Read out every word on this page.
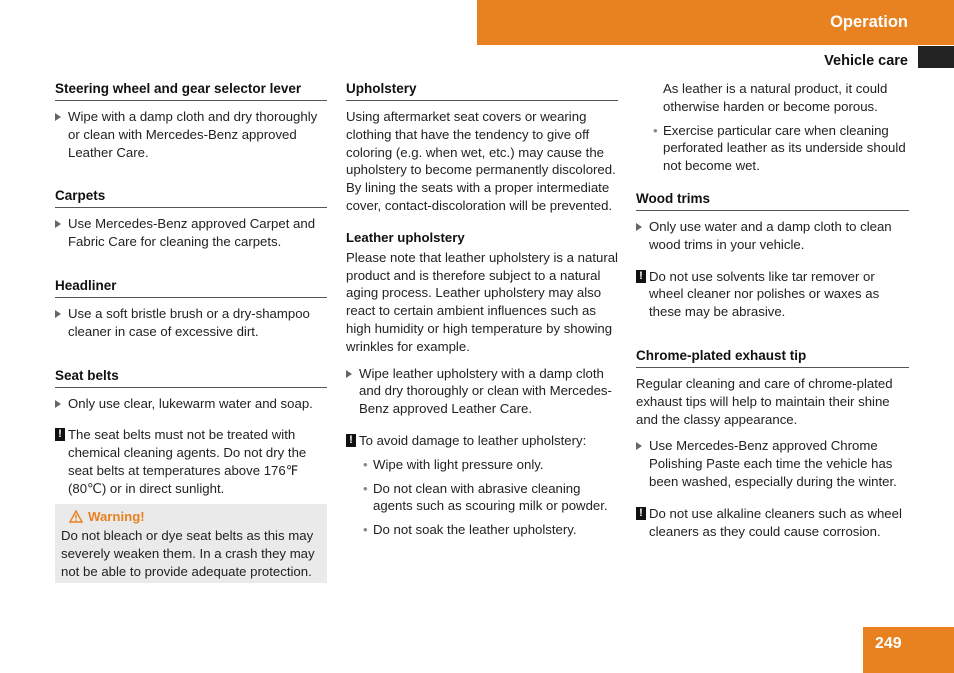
Operation
Vehicle care
Steering wheel and gear selector lever

Wipe with a damp cloth and dry thoroughly or clean with Mercedes-Benz approved Leather Care.

Carpets

Use Mercedes-Benz approved Carpet and Fabric Care for cleaning the carpets.

Headliner

Use a soft bristle brush or a dry-shampoo cleaner in case of excessive dirt.

Seat belts

Only use clear, lukewarm water and soap.

! The seat belts must not be treated with chemical cleaning agents. Do not dry the seat belts at temperatures above 176℉ (80℃) or in direct sunlight.

Warning!

Do not bleach or dye seat belts as this may severely weaken them. In a crash they may not be able to provide adequate protection.

Upholstery

Using aftermarket seat covers or wearing clothing that have the tendency to give off coloring (e.g. when wet, etc.) may cause the upholstery to become permanently discolored. By lining the seats with a proper intermediate cover, contact-discoloration will be prevented.

Leather upholstery

Please note that leather upholstery is a natural product and is therefore subject to a natural aging process. Leather upholstery may also react to certain ambient influences such as high humidity or high temperature by showing wrinkles for example.

Wipe leather upholstery with a damp cloth and dry thoroughly or clean with Mercedes-Benz approved Leather Care.

! To avoid damage to leather upholstery:

• Wipe with light pressure only.
• Do not clean with abrasive cleaning agents such as scouring milk or powder.
• Do not soak the leather upholstery.

As leather is a natural product, it could otherwise harden or become porous.

• Exercise particular care when cleaning perforated leather as its underside should not become wet.
Wood trims

Only use water and a damp cloth to clean wood trims in your vehicle.

! Do not use solvents like tar remover or wheel cleaner nor polishes or waxes as these may be abrasive.

Chrome-plated exhaust tip

Regular cleaning and care of chrome-plated exhaust tips will help to maintain their shine and the classy appearance.

Use Mercedes-Benz approved Chrome Polishing Paste each time the vehicle has been washed, especially during the winter.

! Do not use alkaline cleaners such as wheel cleaners as they could cause corrosion.

249
